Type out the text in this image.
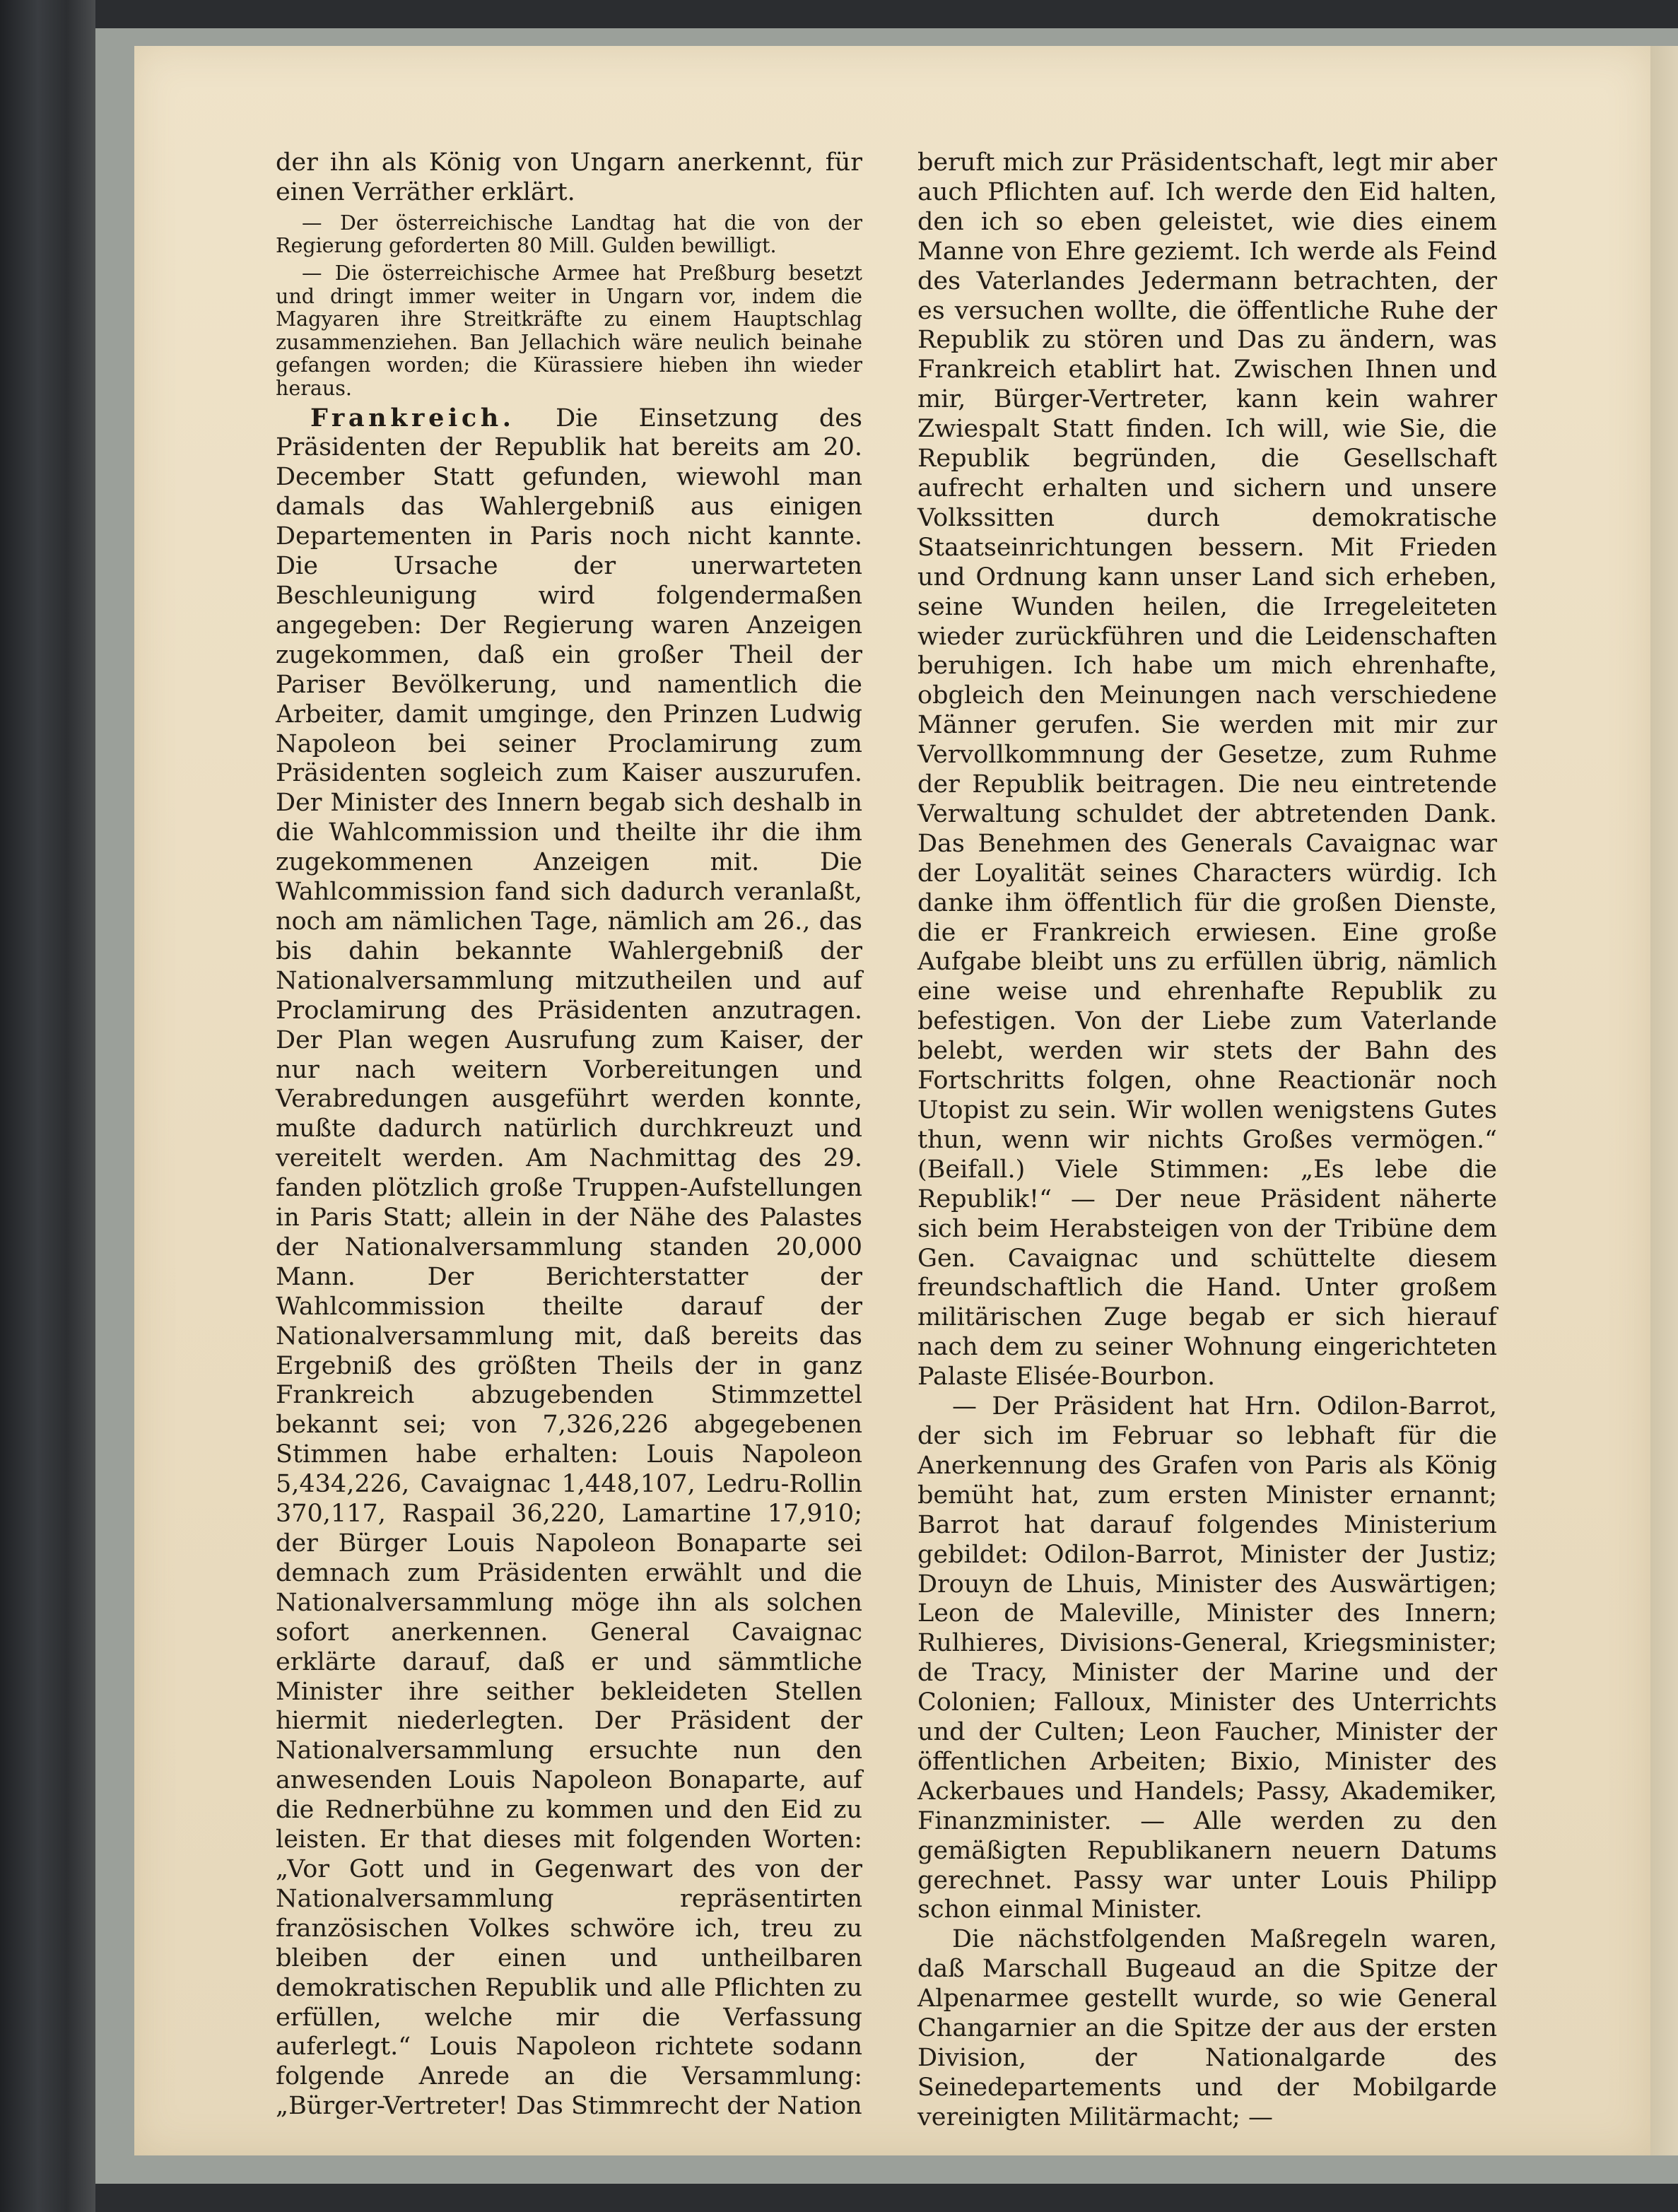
der ihn als König von Ungarn anerkennt, für einen Verräther erklärt.

— Der österreichische Landtag hat die von der Regierung geforderten 80 Mill. Gulden bewilligt.

— Die österreichische Armee hat Preßburg besetzt und dringt immer weiter in Ungarn vor, indem die Magyaren ihre Streitkräfte zu einem Hauptschlag zusammenziehen. Ban Jellachich wäre neulich beinahe gefangen worden; die Kürassiere hieben ihn wieder heraus.

Frankreich. Die Einsetzung des Präsidenten der Republik hat bereits am 20. December Statt gefunden, wiewohl man damals das Wahlergebniß aus einigen Departementen in Paris noch nicht kannte. Die Ursache der unerwarteten Beschleunigung wird folgendermaßen angegeben: Der Regierung waren Anzeigen zugekommen, daß ein großer Theil der Pariser Bevölkerung, und namentlich die Arbeiter, damit umginge, den Prinzen Ludwig Napoleon bei seiner Proclamirung zum Präsidenten sogleich zum Kaiser auszurufen. Der Minister des Innern begab sich deshalb in die Wahlcommission und theilte ihr die ihm zugekommenen Anzeigen mit. Die Wahlcommission fand sich dadurch veranlaßt, noch am nämlichen Tage, nämlich am 26., das bis dahin bekannte Wahlergebniß der Nationalversammlung mitzutheilen und auf Proclamirung des Präsidenten anzutragen. Der Plan wegen Ausrufung zum Kaiser, der nur nach weitern Vorbereitungen und Verabredungen ausgeführt werden konnte, mußte dadurch natürlich durchkreuzt und vereitelt werden. Am Nachmittag des 29. fanden plötzlich große Truppen-Aufstellungen in Paris Statt; allein in der Nähe des Palastes der Nationalversammlung standen 20,000 Mann. Der Berichterstatter der Wahlcommission theilte darauf der Nationalversammlung mit, daß bereits das Ergebniß des größten Theils der in ganz Frankreich abzugebenden Stimmzettel bekannt sei; von 7,326,226 abgegebenen Stimmen habe erhalten: Louis Napoleon 5,434,226, Cavaignac 1,448,107, Ledru-Rollin 370,117, Raspail 36,220, Lamartine 17,910; der Bürger Louis Napoleon Bonaparte sei demnach zum Präsidenten erwählt und die Nationalversammlung möge ihn als solchen sofort anerkennen. General Cavaignac erklärte darauf, daß er und sämmtliche Minister ihre seither bekleideten Stellen hiermit niederlegten. Der Präsident der Nationalversammlung ersuchte nun den anwesenden Louis Napoleon Bonaparte, auf die Rednerbühne zu kommen und den Eid zu leisten. Er that dieses mit folgenden Worten: „Vor Gott und in Gegenwart des von der Nationalversammlung repräsentirten französischen Volkes schwöre ich, treu zu bleiben der einen und untheilbaren demokratischen Republik und alle Pflichten zu erfüllen, welche mir die Verfassung auferlegt.“ Louis Napoleon richtete sodann folgende Anrede an die Versammlung: „Bürger-Vertreter! Das Stimmrecht der Nation

beruft mich zur Präsidentschaft, legt mir aber auch Pflichten auf. Ich werde den Eid halten, den ich so eben geleistet, wie dies einem Manne von Ehre geziemt. Ich werde als Feind des Vaterlandes Jedermann betrachten, der es versuchen wollte, die öffentliche Ruhe der Republik zu stören und Das zu ändern, was Frankreich etablirt hat. Zwischen Ihnen und mir, Bürger-Vertreter, kann kein wahrer Zwiespalt Statt finden. Ich will, wie Sie, die Republik begründen, die Gesellschaft aufrecht erhalten und sichern und unsere Volkssitten durch demokratische Staatseinrichtungen bessern. Mit Frieden und Ordnung kann unser Land sich erheben, seine Wunden heilen, die Irregeleiteten wieder zurückführen und die Leidenschaften beruhigen. Ich habe um mich ehrenhafte, obgleich den Meinungen nach verschiedene Männer gerufen. Sie werden mit mir zur Vervollkommnung der Gesetze, zum Ruhme der Republik beitragen. Die neu eintretende Verwaltung schuldet der abtretenden Dank. Das Benehmen des Generals Cavaignac war der Loyalität seines Characters würdig. Ich danke ihm öffentlich für die großen Dienste, die er Frankreich erwiesen. Eine große Aufgabe bleibt uns zu erfüllen übrig, nämlich eine weise und ehrenhafte Republik zu befestigen. Von der Liebe zum Vaterlande belebt, werden wir stets der Bahn des Fortschritts folgen, ohne Reactionär noch Utopist zu sein. Wir wollen wenigstens Gutes thun, wenn wir nichts Großes vermögen.“ (Beifall.) Viele Stimmen: „Es lebe die Republik!“ — Der neue Präsident näherte sich beim Herabsteigen von der Tribüne dem Gen. Cavaignac und schüttelte diesem freundschaftlich die Hand. Unter großem militärischen Zuge begab er sich hierauf nach dem zu seiner Wohnung eingerichteten Palaste Elisée-Bourbon.

— Der Präsident hat Hrn. Odilon-Barrot, der sich im Februar so lebhaft für die Anerkennung des Grafen von Paris als König bemüht hat, zum ersten Minister ernannt; Barrot hat darauf folgendes Ministerium gebildet: Odilon-Barrot, Minister der Justiz; Drouyn de Lhuis, Minister des Auswärtigen; Leon de Maleville, Minister des Innern; Rulhieres, Divisions-General, Kriegsminister; de Tracy, Minister der Marine und der Colonien; Falloux, Minister des Unterrichts und der Culten; Leon Faucher, Minister der öffentlichen Arbeiten; Bixio, Minister des Ackerbaues und Handels; Passy, Akademiker, Finanzminister. — Alle werden zu den gemäßigten Republikanern neuern Datums gerechnet. Passy war unter Louis Philipp schon einmal Minister.

Die nächstfolgenden Maßregeln waren, daß Marschall Bugeaud an die Spitze der Alpenarmee gestellt wurde, so wie General Changarnier an die Spitze der aus der ersten Division, der Nationalgarde des Seinedepartements und der Mobilgarde vereinigten Militärmacht; —
